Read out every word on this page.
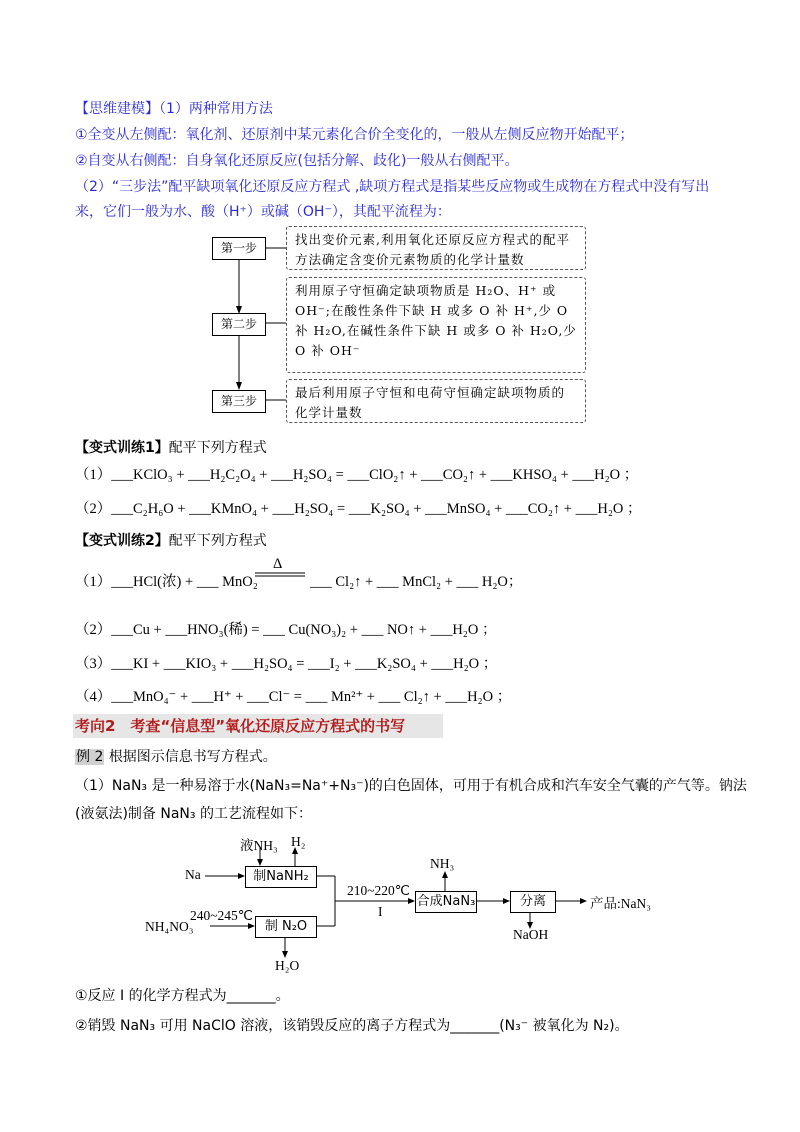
【思维建模】（1）两种常用方法
①全变从左侧配：氧化剂、还原剂中某元素化合价全变化的，一般从左侧反应物开始配平；
②自变从右侧配：自身氧化还原反应(包括分解、歧化)一般从右侧配平。
（2）“三步法”配平缺项氧化还原反应方程式 ,缺项方程式是指某些反应物或生成物在方程式中没有写出
来，它们一般为水、酸（H⁺）或碱（OH⁻），其配平流程为：
第一步
第二步
第三步
找出变价元素,利用氧化还原反应方程式的配平方法确定含变价元素物质的化学计量数
利用原子守恒确定缺项物质是 H₂O、H⁺ 或 OH⁻;在酸性条件下缺 H 或多 O 补 H⁺,少 O 补 H₂O,在碱性条件下缺 H 或多 O 补 H₂O,少 O 补 OH⁻
最后利用原子守恒和电荷守恒确定缺项物质的化学计量数
【变式训练1】配平下列方程式
（1）___KClO₃ + ___H₂C₂O₄ + ___H₂SO₄ = ___ClO₂↑ + ___CO₂↑ + ___KHSO₄ + ___H₂O ；
（2）___C₂H₆O + ___KMnO₄ + ___H₂SO₄ = ___K₂SO₄ + ___MnSO₄ + ___CO₂↑ + ___H₂O ；
【变式训练2】配平下列方程式
（1）___HCl(浓) + ___ MnO₂
Δ
___ Cl₂↑ + ___ MnCl₂ + ___ H₂O；
（2）___Cu + ___HNO₃(稀) = ___ Cu(NO₃)₂ + ___ NO↑ + ___H₂O ；
（3）___KI + ___KIO₃ + ___H₂SO₄ = ___I₂ + ___K₂SO₄ + ___H₂O ；
（4）___MnO₄⁻ + ___H⁺ + ___Cl⁻ = ___ Mn²⁺ + ___ Cl₂↑ + ___H₂O ；
考向2　考查“信息型”氧化还原反应方程式的书写
例 2 根据图示信息书写方程式。
（1）NaN₃ 是一种易溶于水(NaN₃=Na⁺+N₃⁻)的白色固体，可用于有机合成和汽车安全气囊的产气等。钠法
(液氨法)制备 NaN₃ 的工艺流程如下：
Na
液NH₃ H₂
制NaNH₂
NH₄NO₃
240~245℃
制 N₂O
H₂O
210~220℃
I
NH₃
合成NaN₃	分离
NaOH
产品:NaN₃
①反应 I 的化学方程式为_______。
②销毁 NaN₃ 可用 NaClO 溶液，该销毁反应的离子方程式为_______(N₃⁻ 被氧化为 N₂)。
